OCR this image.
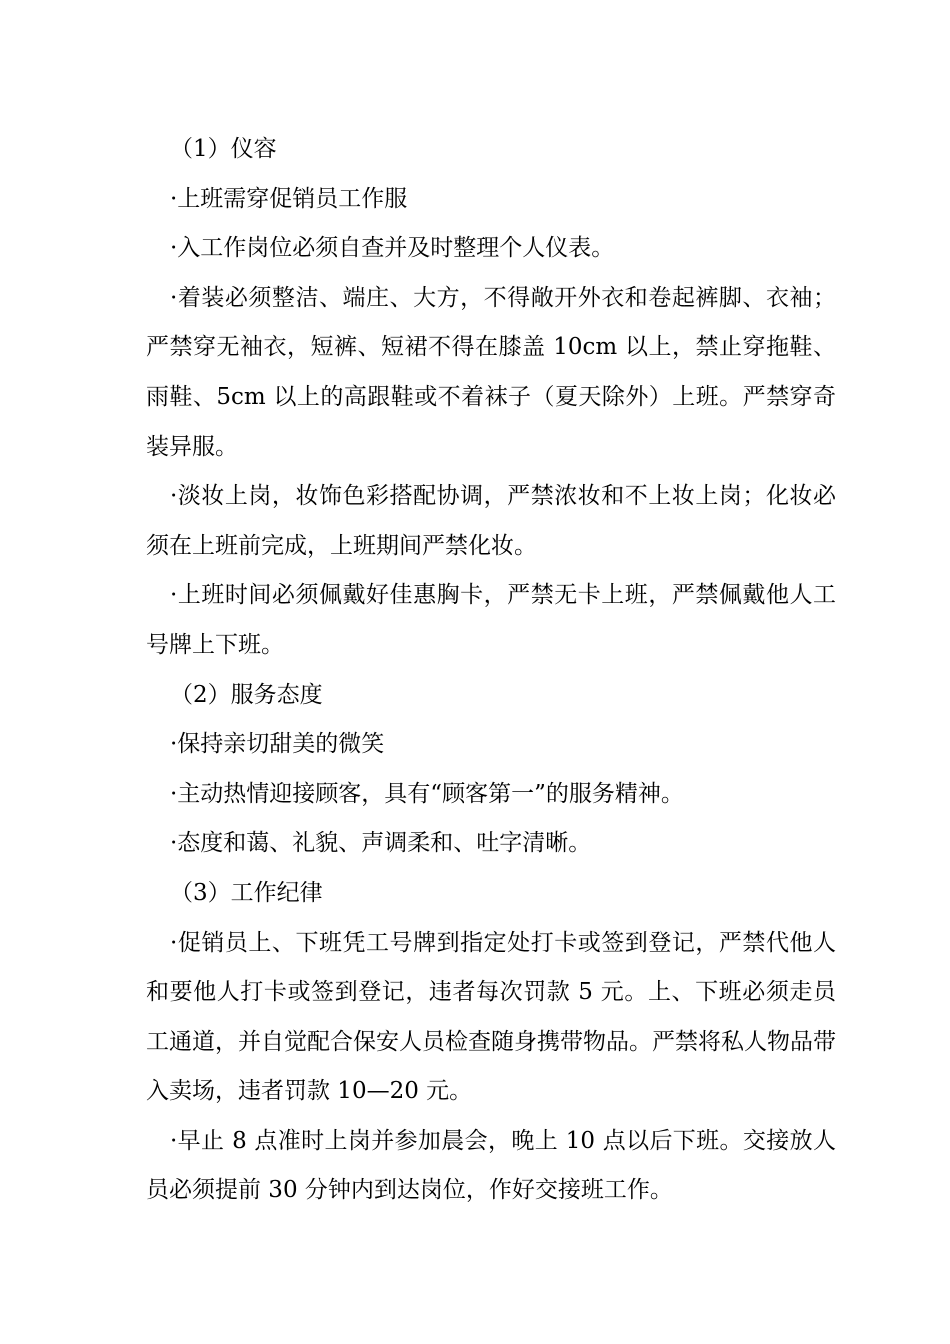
（1）仪容

·上班需穿促销员工作服

·入工作岗位必须自查并及时整理个人仪表。

·着装必须整洁、端庄、大方，不得敞开外衣和卷起裤脚、衣袖；严禁穿无袖衣，短裤、短裙不得在膝盖 10cm 以上，禁止穿拖鞋、雨鞋、5cm 以上的高跟鞋或不着袜子（夏天除外）上班。严禁穿奇装异服。

·淡妆上岗，妆饰色彩搭配协调，严禁浓妆和不上妆上岗；化妆必须在上班前完成，上班期间严禁化妆。

·上班时间必须佩戴好佳惠胸卡，严禁无卡上班，严禁佩戴他人工号牌上下班。

（2）服务态度

·保持亲切甜美的微笑

·主动热情迎接顾客，具有“顾客第一”的服务精神。

·态度和蔼、礼貌、声调柔和、吐字清晰。

（3）工作纪律

·促销员上、下班凭工号牌到指定处打卡或签到登记，严禁代他人和要他人打卡或签到登记，违者每次罚款 5 元。上、下班必须走员工通道，并自觉配合保安人员检查随身携带物品。严禁将私人物品带入卖场，违者罚款 10—20 元。

·早止 8 点准时上岗并参加晨会，晚上 10 点以后下班。交接放人员必须提前 30 分钟内到达岗位，作好交接班工作。
